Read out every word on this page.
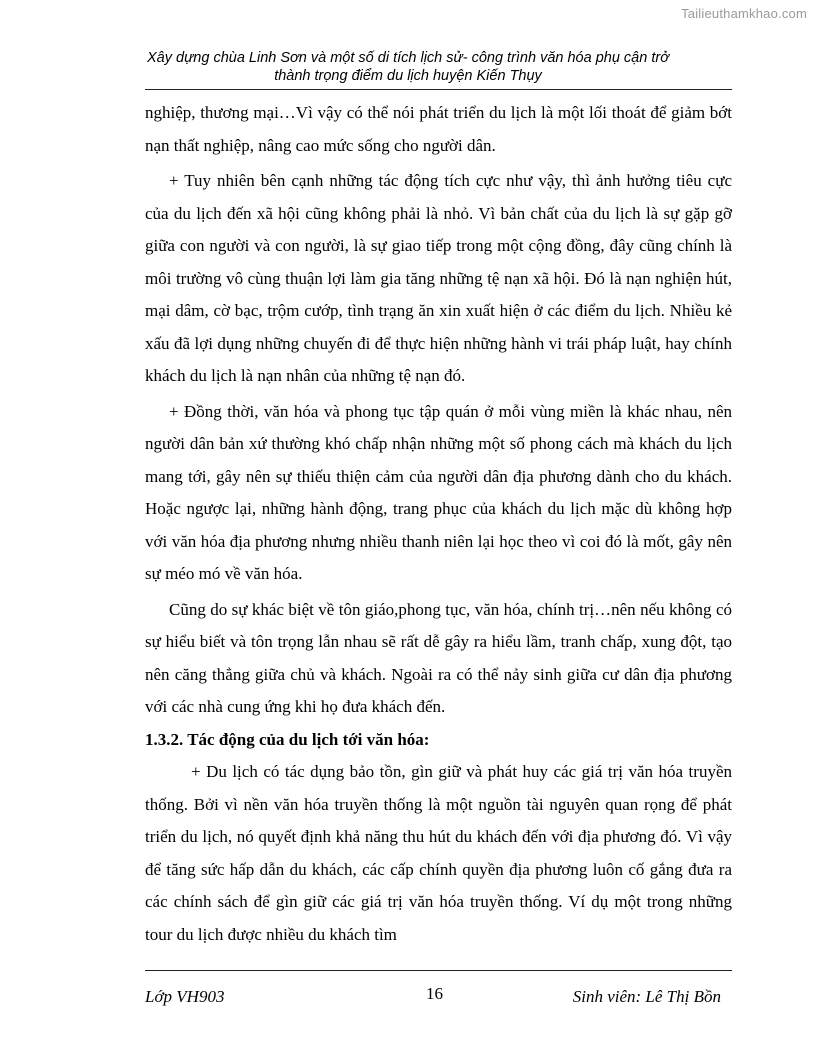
Tailieuthamkhao.com
Xây dựng chùa Linh Sơn và một số di tích lịch sử- công trình văn hóa phụ cận trở
thành trọng điểm du lịch huyện Kiến Thụy

nghiệp, thương mại…Vì vậy có thể nói phát triển du lịch là một lối thoát để giảm bớt nạn thất nghiệp, nâng cao mức sống cho người dân.

+ Tuy nhiên bên cạnh những tác động tích cực như vậy, thì ảnh hưởng tiêu cực của du lịch đến xã hội cũng không phải là nhỏ. Vì bản chất của du lịch là sự gặp gỡ giữa con người và con người, là sự giao tiếp trong một cộng đồng, đây cũng chính là môi trường vô cùng thuận lợi làm gia tăng những tệ nạn xã hội. Đó là nạn nghiện hút, mại dâm, cờ bạc, trộm cướp, tình trạng ăn xin xuất hiện ở các điểm du lịch. Nhiều kẻ xấu đã lợi dụng những chuyến đi để thực hiện những hành vi trái pháp luật, hay chính khách du lịch là nạn nhân của những tệ nạn đó.

+ Đồng thời, văn hóa và phong tục tập quán ở mỗi vùng miền là khác nhau, nên người dân bản xứ thường khó chấp nhận những một số phong cách mà khách du lịch mang tới, gây nên sự thiếu thiện cảm của người dân địa phương dành cho du khách. Hoặc ngược lại, những hành động, trang phục của khách du lịch mặc dù không hợp với văn hóa địa phương nhưng nhiều thanh niên lại học theo vì coi đó là mốt, gây nên sự méo mó về văn hóa.

Cũng do sự khác biệt về tôn giáo,phong tục, văn hóa, chính trị…nên nếu không có sự hiểu biết và tôn trọng lẫn nhau sẽ rất dễ gây ra hiểu lầm, tranh chấp, xung đột, tạo nên căng thẳng giữa chủ và khách. Ngoài ra có thể nảy sinh giữa cư dân địa phương với các nhà cung ứng khi họ đưa khách đến.

1.3.2. Tác động của du lịch tới văn hóa:

+ Du lịch có tác dụng bảo tồn, gìn giữ và phát huy các giá trị văn hóa truyền thống. Bởi vì nền văn hóa truyền thống là một nguồn tài nguyên quan rọng để phát triển du lịch, nó quyết định khả năng thu hút du khách đến với địa phương đó. Vì vậy để tăng sức hấp dẫn du khách, các cấp chính quyền địa phương luôn cố gắng đưa ra các chính sách để gìn giữ các giá trị văn hóa truyền thống. Ví dụ một trong những tour du lịch được nhiều du khách tìm

Lớp VH903	16	Sinh viên: Lê Thị Bồn
